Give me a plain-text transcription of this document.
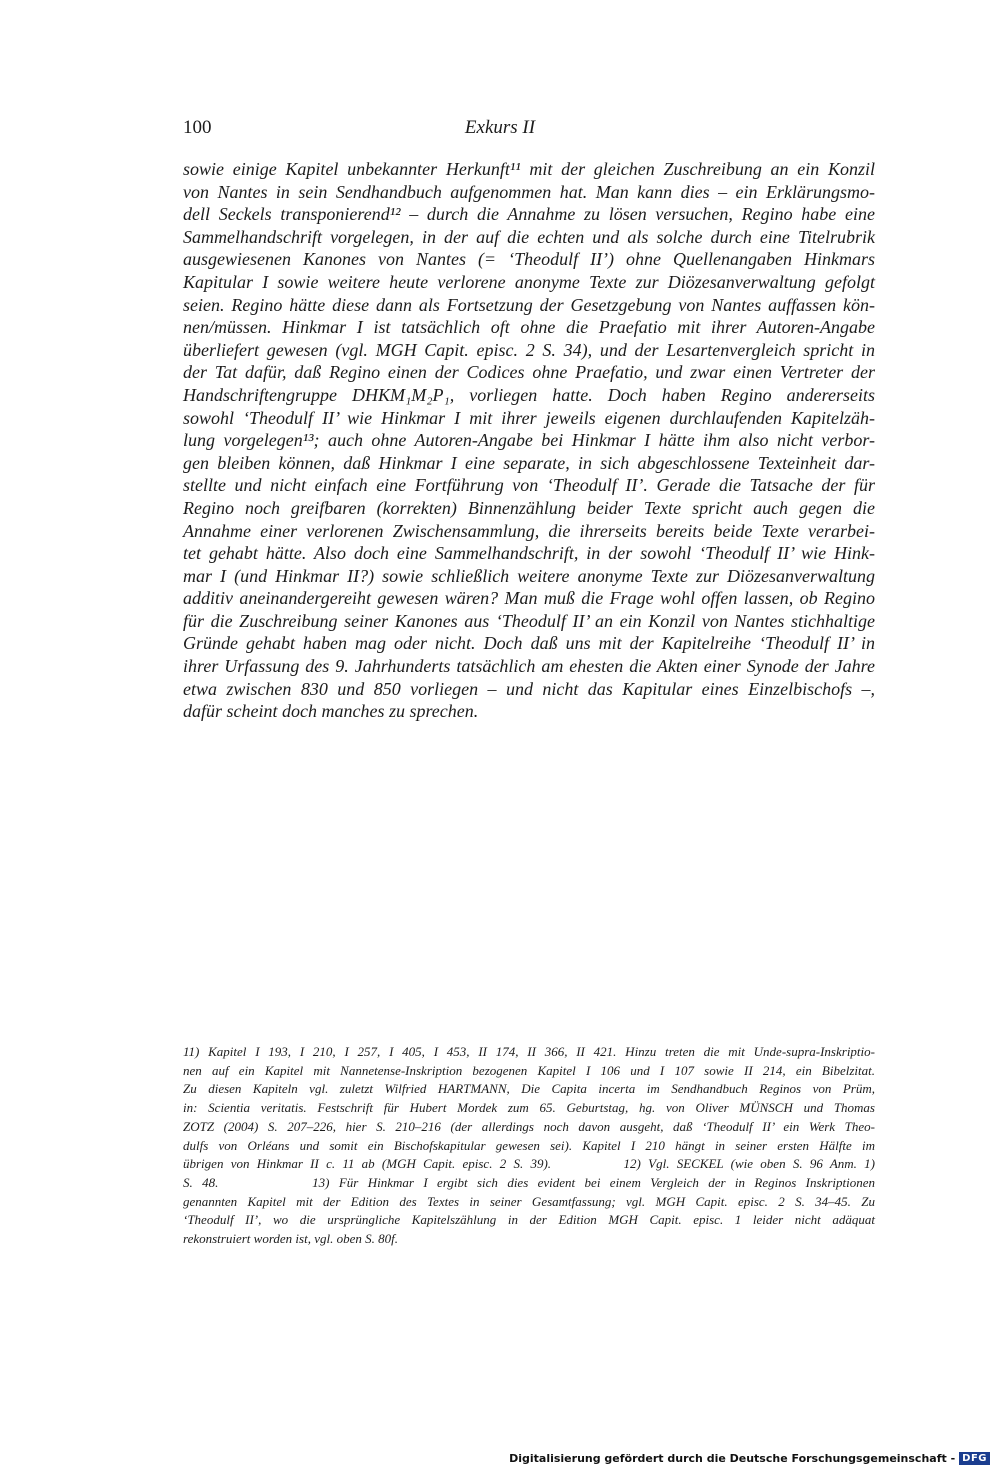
100	Exkurs II
sowie einige Kapitel unbekannter Herkunft¹¹ mit der gleichen Zuschreibung an ein Konzil
von Nantes in sein Sendhandbuch aufgenommen hat. Man kann dies – ein Erklärungsmo-
dell Seckels transponierend¹² – durch die Annahme zu lösen versuchen, Regino habe eine
Sammelhandschrift vorgelegen, in der auf die echten und als solche durch eine Titelrubrik
ausgewiesenen Kanones von Nantes (= ‘Theodulf II’) ohne Quellenangaben Hinkmars
Kapitular I sowie weitere heute verlorene anonyme Texte zur Diözesanverwaltung gefolgt
seien. Regino hätte diese dann als Fortsetzung der Gesetzgebung von Nantes auffassen kön-
nen/müssen. Hinkmar I ist tatsächlich oft ohne die Praefatio mit ihrer Autoren-Angabe
überliefert gewesen (vgl. MGH Capit. episc. 2 S. 34), und der Lesartenvergleich spricht in
der Tat dafür, daß Regino einen der Codices ohne Praefatio, und zwar einen Vertreter der
Handschriftengruppe DHKM₁M₂P₁, vorliegen hatte. Doch haben Regino andererseits
sowohl ‘Theodulf II’ wie Hinkmar I mit ihrer jeweils eigenen durchlaufenden Kapitelzäh-
lung vorgelegen¹³; auch ohne Autoren-Angabe bei Hinkmar I hätte ihm also nicht verbor-
gen bleiben können, daß Hinkmar I eine separate, in sich abgeschlossene Texteinheit dar-
stellte und nicht einfach eine Fortführung von ‘Theodulf II’. Gerade die Tatsache der für
Regino noch greifbaren (korrekten) Binnenzählung beider Texte spricht auch gegen die
Annahme einer verlorenen Zwischensammlung, die ihrerseits bereits beide Texte verarbei-
tet gehabt hätte. Also doch eine Sammelhandschrift, in der sowohl ‘Theodulf II’ wie Hink-
mar I (und Hinkmar II?) sowie schließlich weitere anonyme Texte zur Diözesanverwaltung
additiv aneinandergereiht gewesen wären? Man muß die Frage wohl offen lassen, ob Regino
für die Zuschreibung seiner Kanones aus ‘Theodulf II’ an ein Konzil von Nantes stichhaltige
Gründe gehabt haben mag oder nicht. Doch daß uns mit der Kapitelreihe ‘Theodulf II’ in
ihrer Urfassung des 9. Jahrhunderts tatsächlich am ehesten die Akten einer Synode der Jahre
etwa zwischen 830 und 850 vorliegen – und nicht das Kapitular eines Einzelbischofs –,
dafür scheint doch manches zu sprechen.
11) Kapitel I 193, I 210, I 257, I 405, I 453, II 174, II 366, II 421. Hinzu treten die mit Unde-supra-Inskriptio-
nen auf ein Kapitel mit Nannetense-Inskription bezogenen Kapitel I 106 und I 107 sowie II 214, ein Bibelzitat.
Zu diesen Kapiteln vgl. zuletzt Wilfried HARTMANN, Die Capita incerta im Sendhandbuch Reginos von Prüm,
in: Scientia veritatis. Festschrift für Hubert Mordek zum 65. Geburtstag, hg. von Oliver MÜNSCH und Thomas
ZOTZ (2004) S. 207–226, hier S. 210–216 (der allerdings noch davon ausgeht, daß ‘Theodulf II’ ein Werk Theo-
dulfs von Orléans und somit ein Bischofskapitular gewesen sei). Kapitel I 210 hängt in seiner ersten Hälfte im
übrigen von Hinkmar II c. 11 ab (MGH Capit. episc. 2 S. 39).          12) Vgl. SECKEL (wie oben S. 96 Anm. 1)
S. 48.          13) Für Hinkmar I ergibt sich dies evident bei einem Vergleich der in Reginos Inskriptionen
genannten Kapitel mit der Edition des Textes in seiner Gesamtfassung; vgl. MGH Capit. episc. 2 S. 34–45. Zu
‘Theodulf II’, wo die ursprüngliche Kapitelszählung in der Edition MGH Capit. episc. 1 leider nicht adäquat
rekonstruiert worden ist, vgl. oben S. 80f.
Digitalisierung gefördert durch die Deutsche Forschungsgemeinschaft - DFG
